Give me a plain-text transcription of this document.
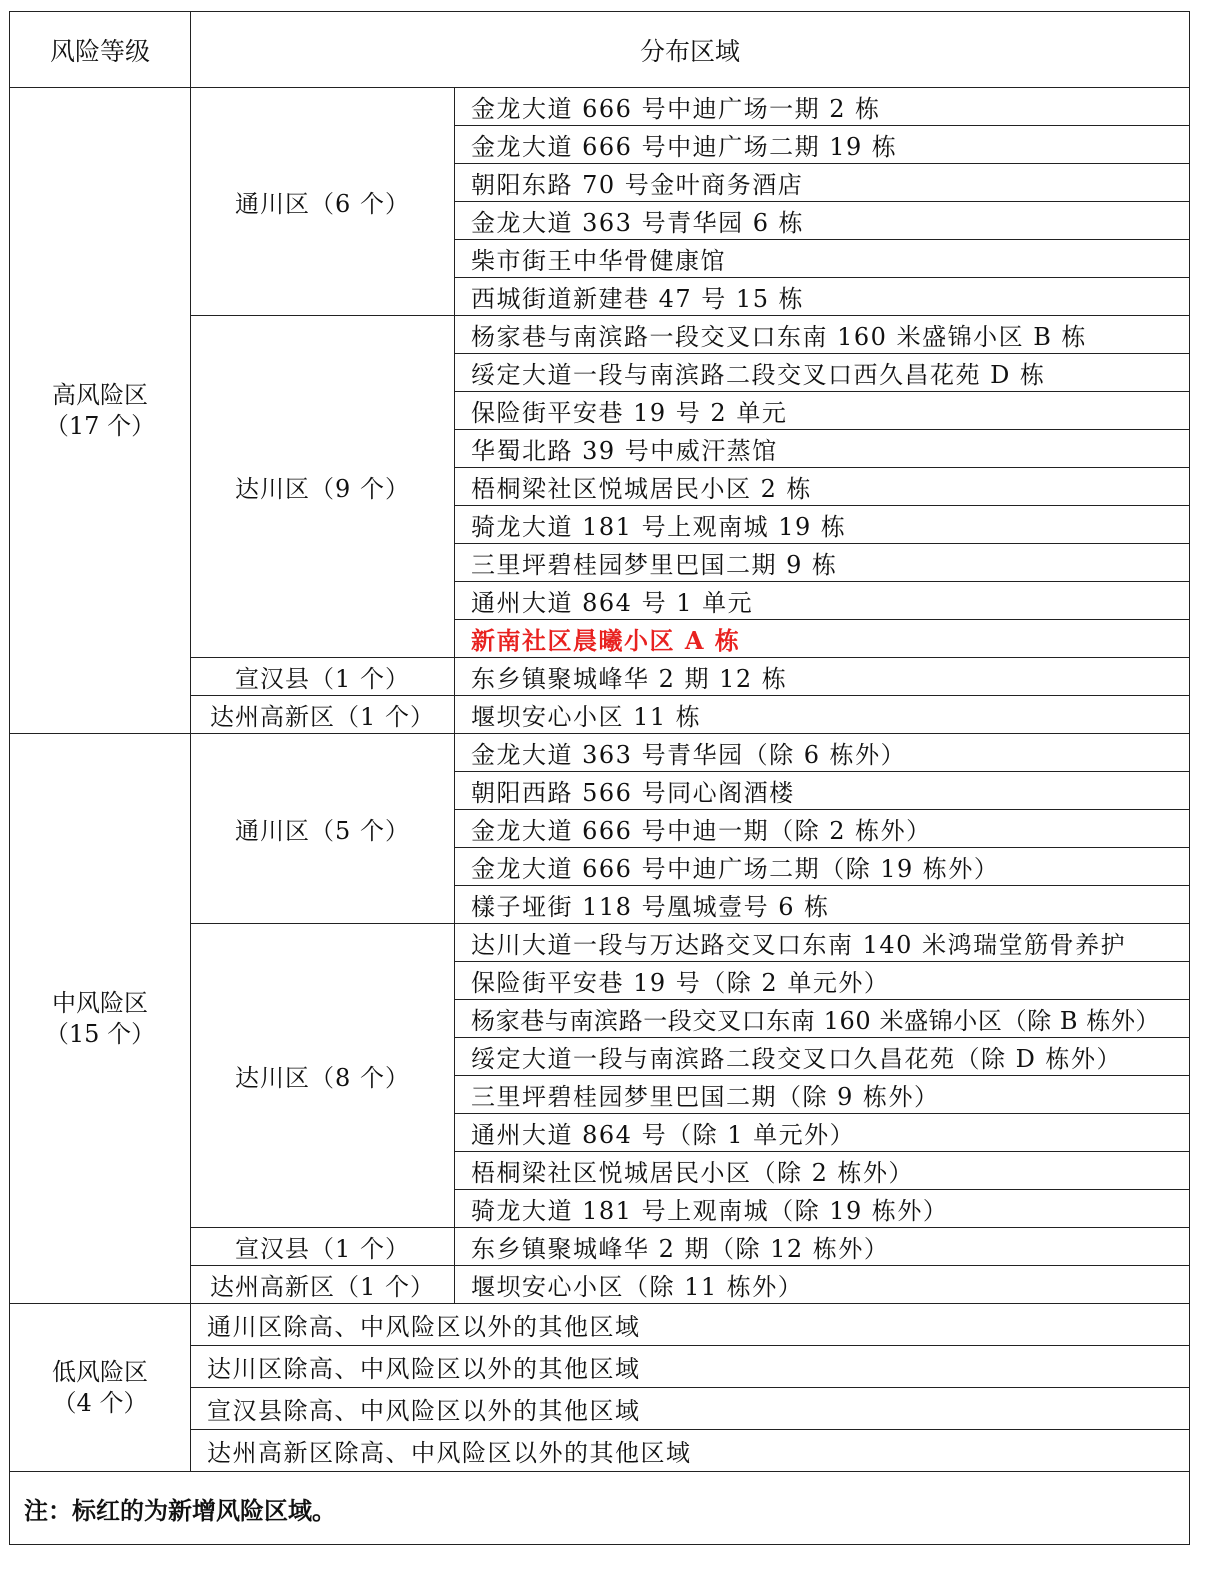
风险等级	分布区域	

高风险区
（17 个）	通川区（6 个）	金龙大道 666 号中迪广场一期 2 栋
		金龙大道 666 号中迪广场二期 19 栋
		朝阳东路 70 号金叶商务酒店
		金龙大道 363 号青华园 6 栋
		柴市街王中华骨健康馆
		西城街道新建巷 47 号 15 栋
	达川区（9 个）	杨家巷与南滨路一段交叉口东南 160 米盛锦小区 B 栋
		绥定大道一段与南滨路二段交叉口西久昌花苑 D 栋
		保险街平安巷 19 号 2 单元
		华蜀北路 39 号中威汗蒸馆
		梧桐梁社区悦城居民小区 2 栋
		骑龙大道 181 号上观南城 19 栋
		三里坪碧桂园梦里巴国二期 9 栋
		通州大道 864 号 1 单元
		新南社区晨曦小区 A 栋
	宣汉县（1 个）	东乡镇聚城峰华 2 期 12 栋
	达州高新区（1 个）	堰坝安心小区 11 栋

中风险区
（15 个）	通川区（5 个）	金龙大道 363 号青华园（除 6 栋外）
		朝阳西路 566 号同心阁酒楼
		金龙大道 666 号中迪一期（除 2 栋外）
		金龙大道 666 号中迪广场二期（除 19 栋外）
		樣子垭街 118 号凰城壹号 6 栋
	达川区（8 个）	达川大道一段与万达路交叉口东南 140 米鸿瑞堂筋骨养护
		保险街平安巷 19 号（除 2 单元外）
		杨家巷与南滨路一段交叉口东南 160 米盛锦小区（除 B 栋外）
		绥定大道一段与南滨路二段交叉口久昌花苑（除 D 栋外）
		三里坪碧桂园梦里巴国二期（除 9 栋外）
		通州大道 864 号（除 1 单元外）
		梧桐梁社区悦城居民小区（除 2 栋外）
		骑龙大道 181 号上观南城（除 19 栋外）
	宣汉县（1 个）	东乡镇聚城峰华 2 期（除 12 栋外）
	达州高新区（1 个）	堰坝安心小区（除 11 栋外）

低风险区
（4 个）	通川区除高、中风险区以外的其他区域	
	达川区除高、中风险区以外的其他区域	
	宣汉县除高、中风险区以外的其他区域	
	达州高新区除高、中风险区以外的其他区域	
注：标红的为新增风险区域。		
